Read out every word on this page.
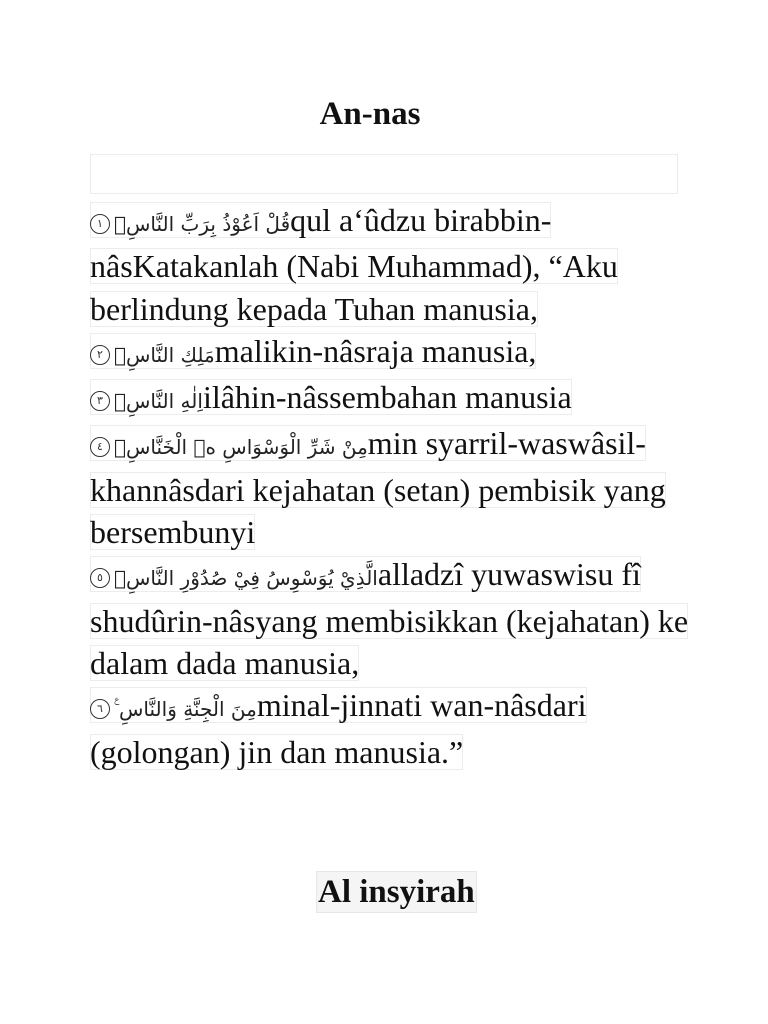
An-nas
١ قُلْ اَعُوْذُ بِرَبِّ النَّاسِۙqul a‘ûdzu birabbin-nâsKatakanlah (Nabi Muhammad), “Aku berlindung kepada Tuhan manusia,
٢ مَلِكِ النَّاسِۙmalikin-nâsraja manusia,
٣ اِلٰهِ النَّاسِۙilâhin-nâssembahan manusia
٤ مِنْ شَرِّ الْوَسْوَاسِ ەۙ الْخَنَّاسِۖmin syarril-waswâsil-khannâsdari kejahatan (setan) pembisik yang bersembunyi
٥ الَّذِيْ يُوَسْوِسُ فِيْ صُدُوْرِ النَّاسِۙalladzî yuwaswisu fî shudûrin-nâsyang membisikkan (kejahatan) ke dalam dada manusia,
٦ مِنَ الْجِنَّةِ وَالنَّاسِ ࣖminal-jinnati wan-nâsdari (golongan) jin dan manusia.”
Al insyirah
